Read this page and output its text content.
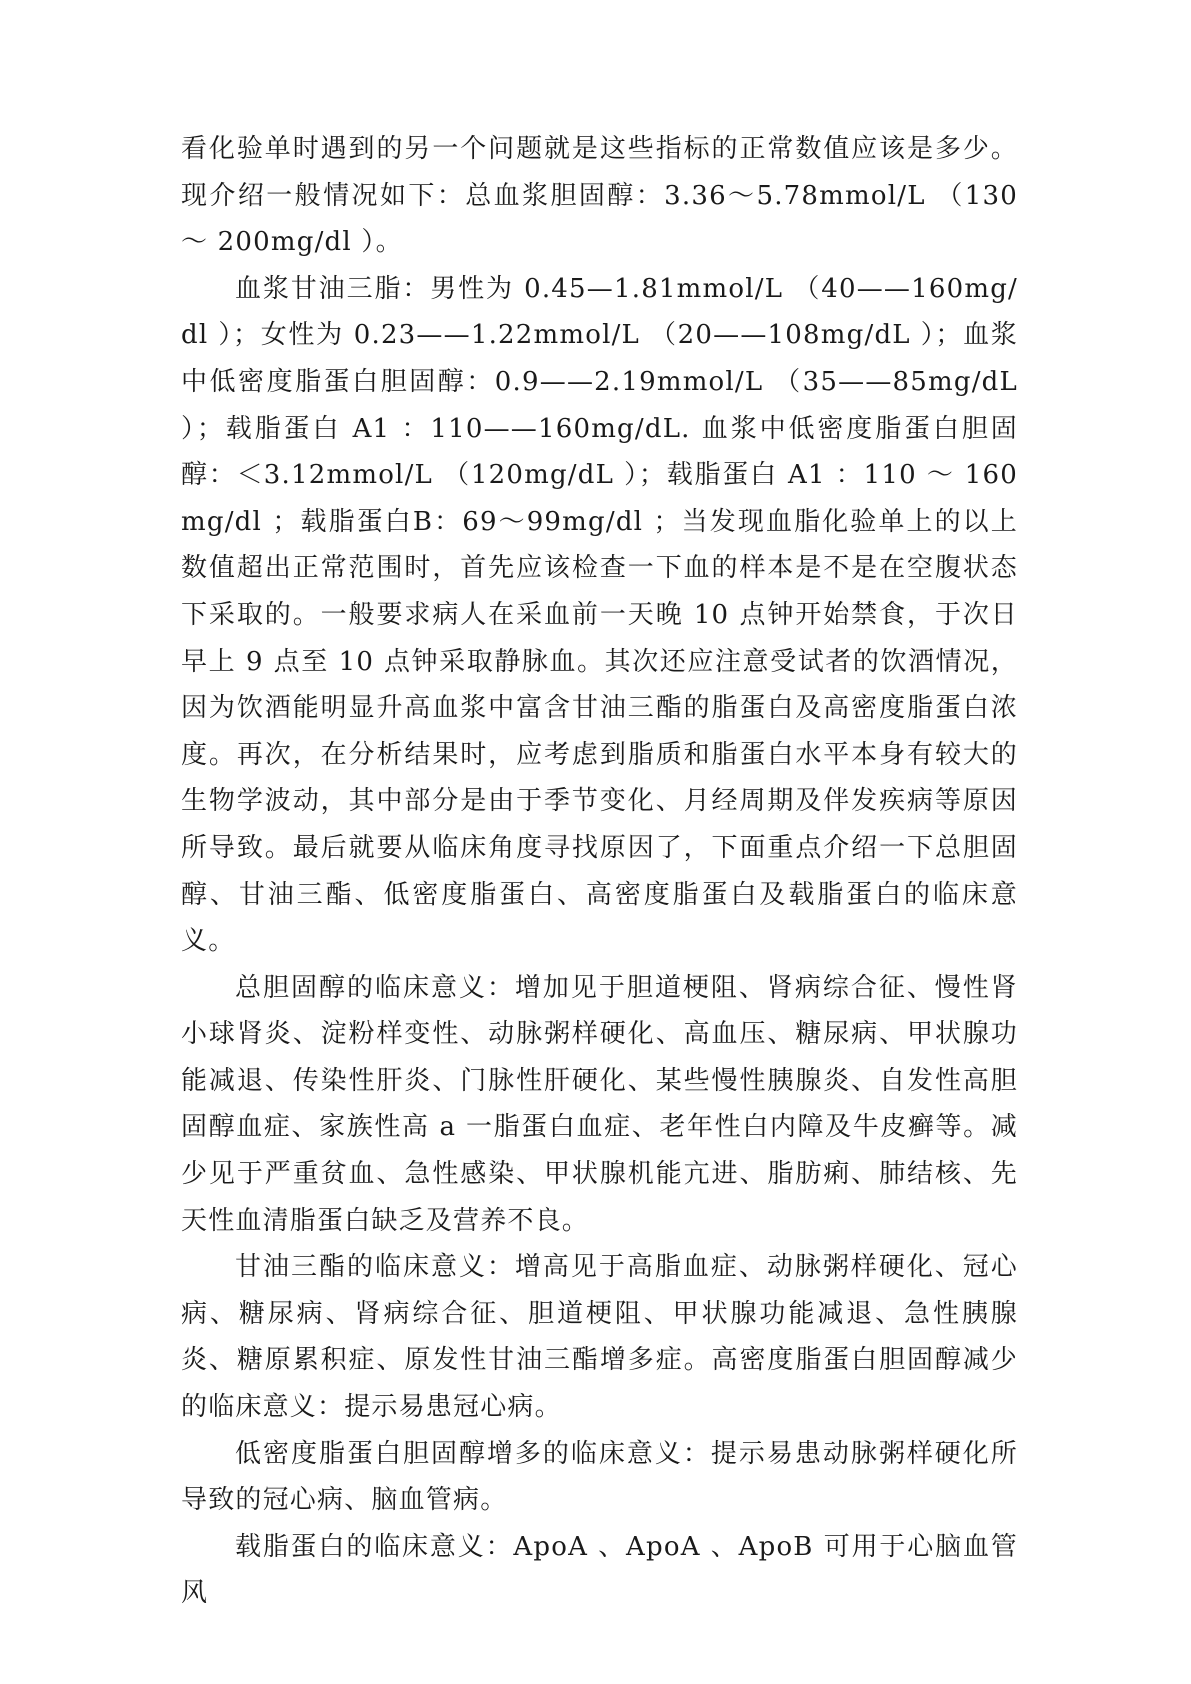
看化验单时遇到的另一个问题就是这些指标的正常数值应该是多少。现介绍一般情况如下：总血浆胆固醇：3.36～5.78mmol/L （130 ～ 200mg/dl ）。

血浆甘油三脂：男性为 0.45—1.81mmol/L （40——160mg/dl ）；女性为 0.23——1.22mmol/L （20——108mg/dL ）；血浆中低密度脂蛋白胆固醇：0.9——2.19mmol/L （35——85mg/dL ）；载脂蛋白 A1 ：110——160mg/dL. 血浆中低密度脂蛋白胆固醇：＜3.12mmol/L （120mg/dL ）；载脂蛋白 A1 ：110 ～ 160mg/dl ；载脂蛋白B：69～99mg/dl ；当发现血脂化验单上的以上数值超出正常范围时，首先应该检查一下血的样本是不是在空腹状态下采取的。一般要求病人在采血前一天晚 10 点钟开始禁食，于次日早上 9 点至 10 点钟采取静脉血。其次还应注意受试者的饮酒情况，因为饮酒能明显升高血浆中富含甘油三酯的脂蛋白及高密度脂蛋白浓度。再次，在分析结果时，应考虑到脂质和脂蛋白水平本身有较大的生物学波动，其中部分是由于季节变化、月经周期及伴发疾病等原因所导致。最后就要从临床角度寻找原因了，下面重点介绍一下总胆固醇、甘油三酯、低密度脂蛋白、高密度脂蛋白及载脂蛋白的临床意义。

总胆固醇的临床意义：增加见于胆道梗阻、肾病综合征、慢性肾小球肾炎、淀粉样变性、动脉粥样硬化、高血压、糖尿病、甲状腺功能减退、传染性肝炎、门脉性肝硬化、某些慢性胰腺炎、自发性高胆固醇血症、家族性高 a 一脂蛋白血症、老年性白内障及牛皮癣等。减少见于严重贫血、急性感染、甲状腺机能亢进、脂肪痢、肺结核、先天性血清脂蛋白缺乏及营养不良。

甘油三酯的临床意义：增高见于高脂血症、动脉粥样硬化、冠心病、糖尿病、肾病综合征、胆道梗阻、甲状腺功能减退、急性胰腺炎、糖原累积症、原发性甘油三酯增多症。高密度脂蛋白胆固醇减少的临床意义：提示易患冠心病。

低密度脂蛋白胆固醇增多的临床意义：提示易患动脉粥样硬化所导致的冠心病、脑血管病。

载脂蛋白的临床意义：ApoA 、ApoA 、ApoB 可用于心脑血管风
